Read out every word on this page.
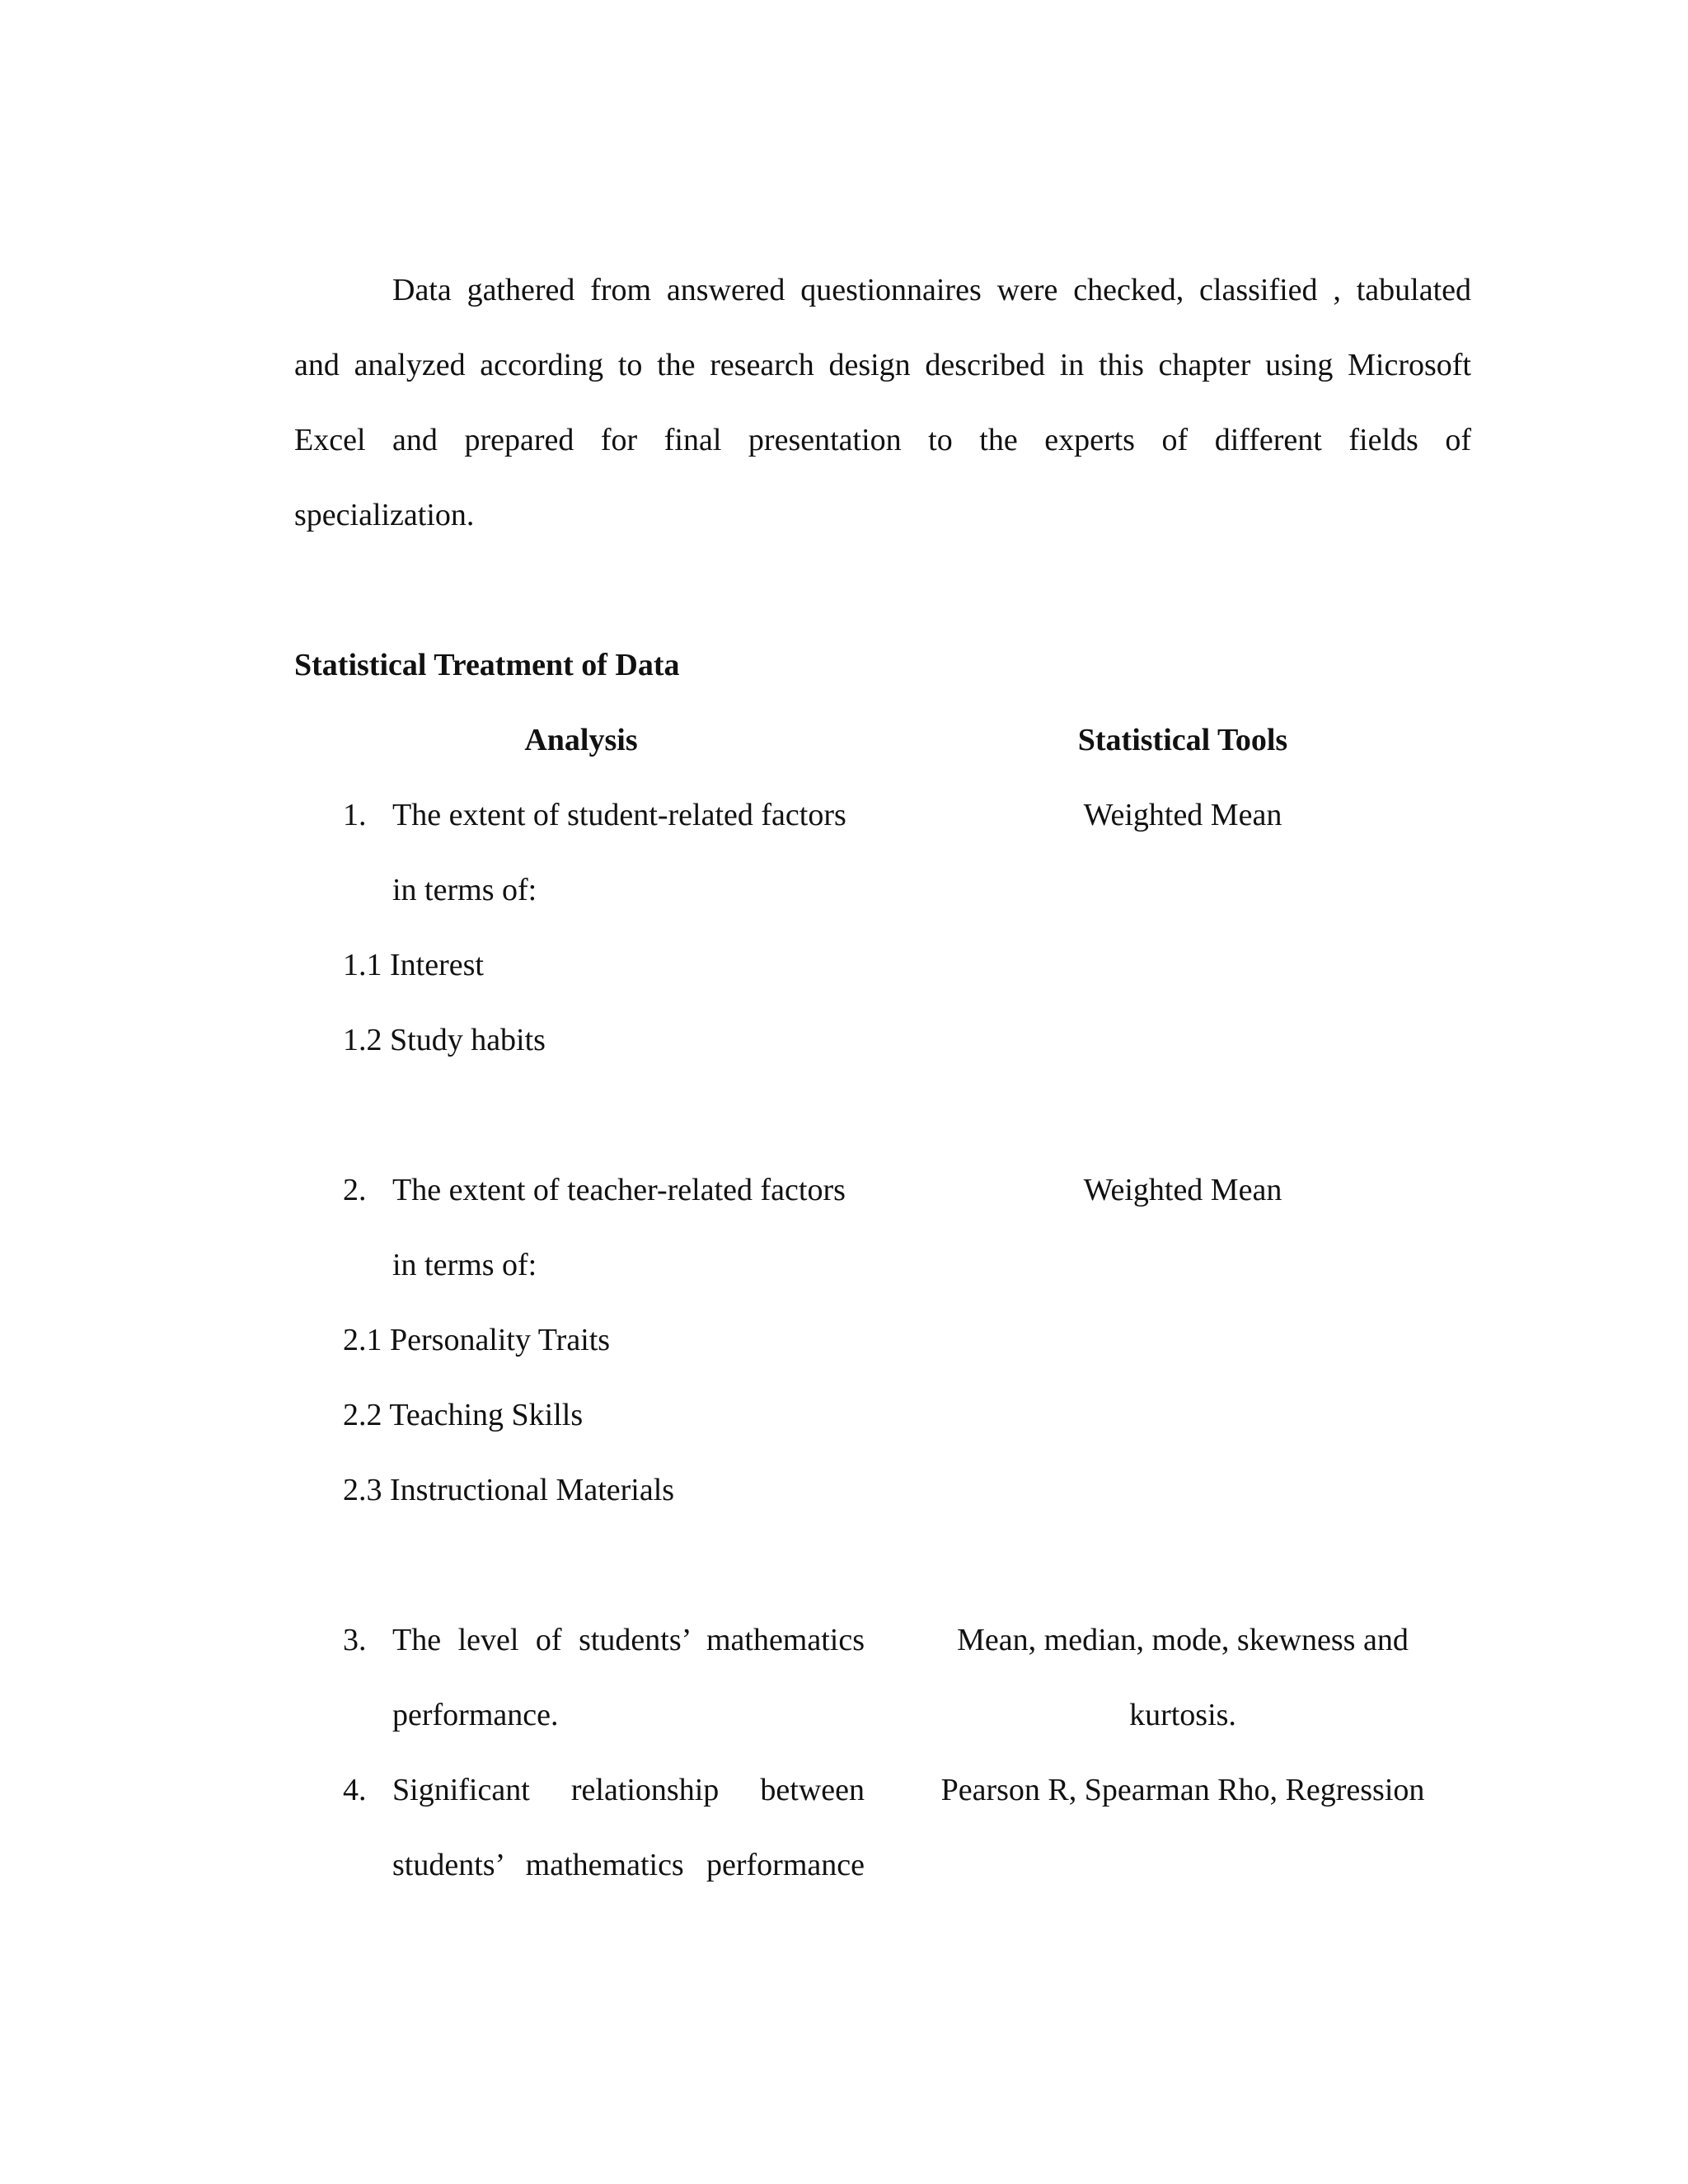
Data gathered from answered questionnaires were checked, classified , tabulated
and analyzed according to the research design described in this chapter using Microsoft
Excel and prepared for final presentation to the experts of different fields of
specialization.
Statistical Treatment of Data
Analysis	Statistical Tools
1. The extent of student-related factors	Weighted Mean
in terms of:
1.1 Interest
1.2 Study habits
2. The extent of teacher-related factors	Weighted Mean
in terms of:
2.1 Personality Traits
2.2 Teaching Skills
2.3 Instructional Materials
3. The level of students’ mathematics	Mean, median, mode, skewness and
performance.	kurtosis.
4. Significant relationship between	Pearson R, Spearman Rho, Regression
students’ mathematics performance
